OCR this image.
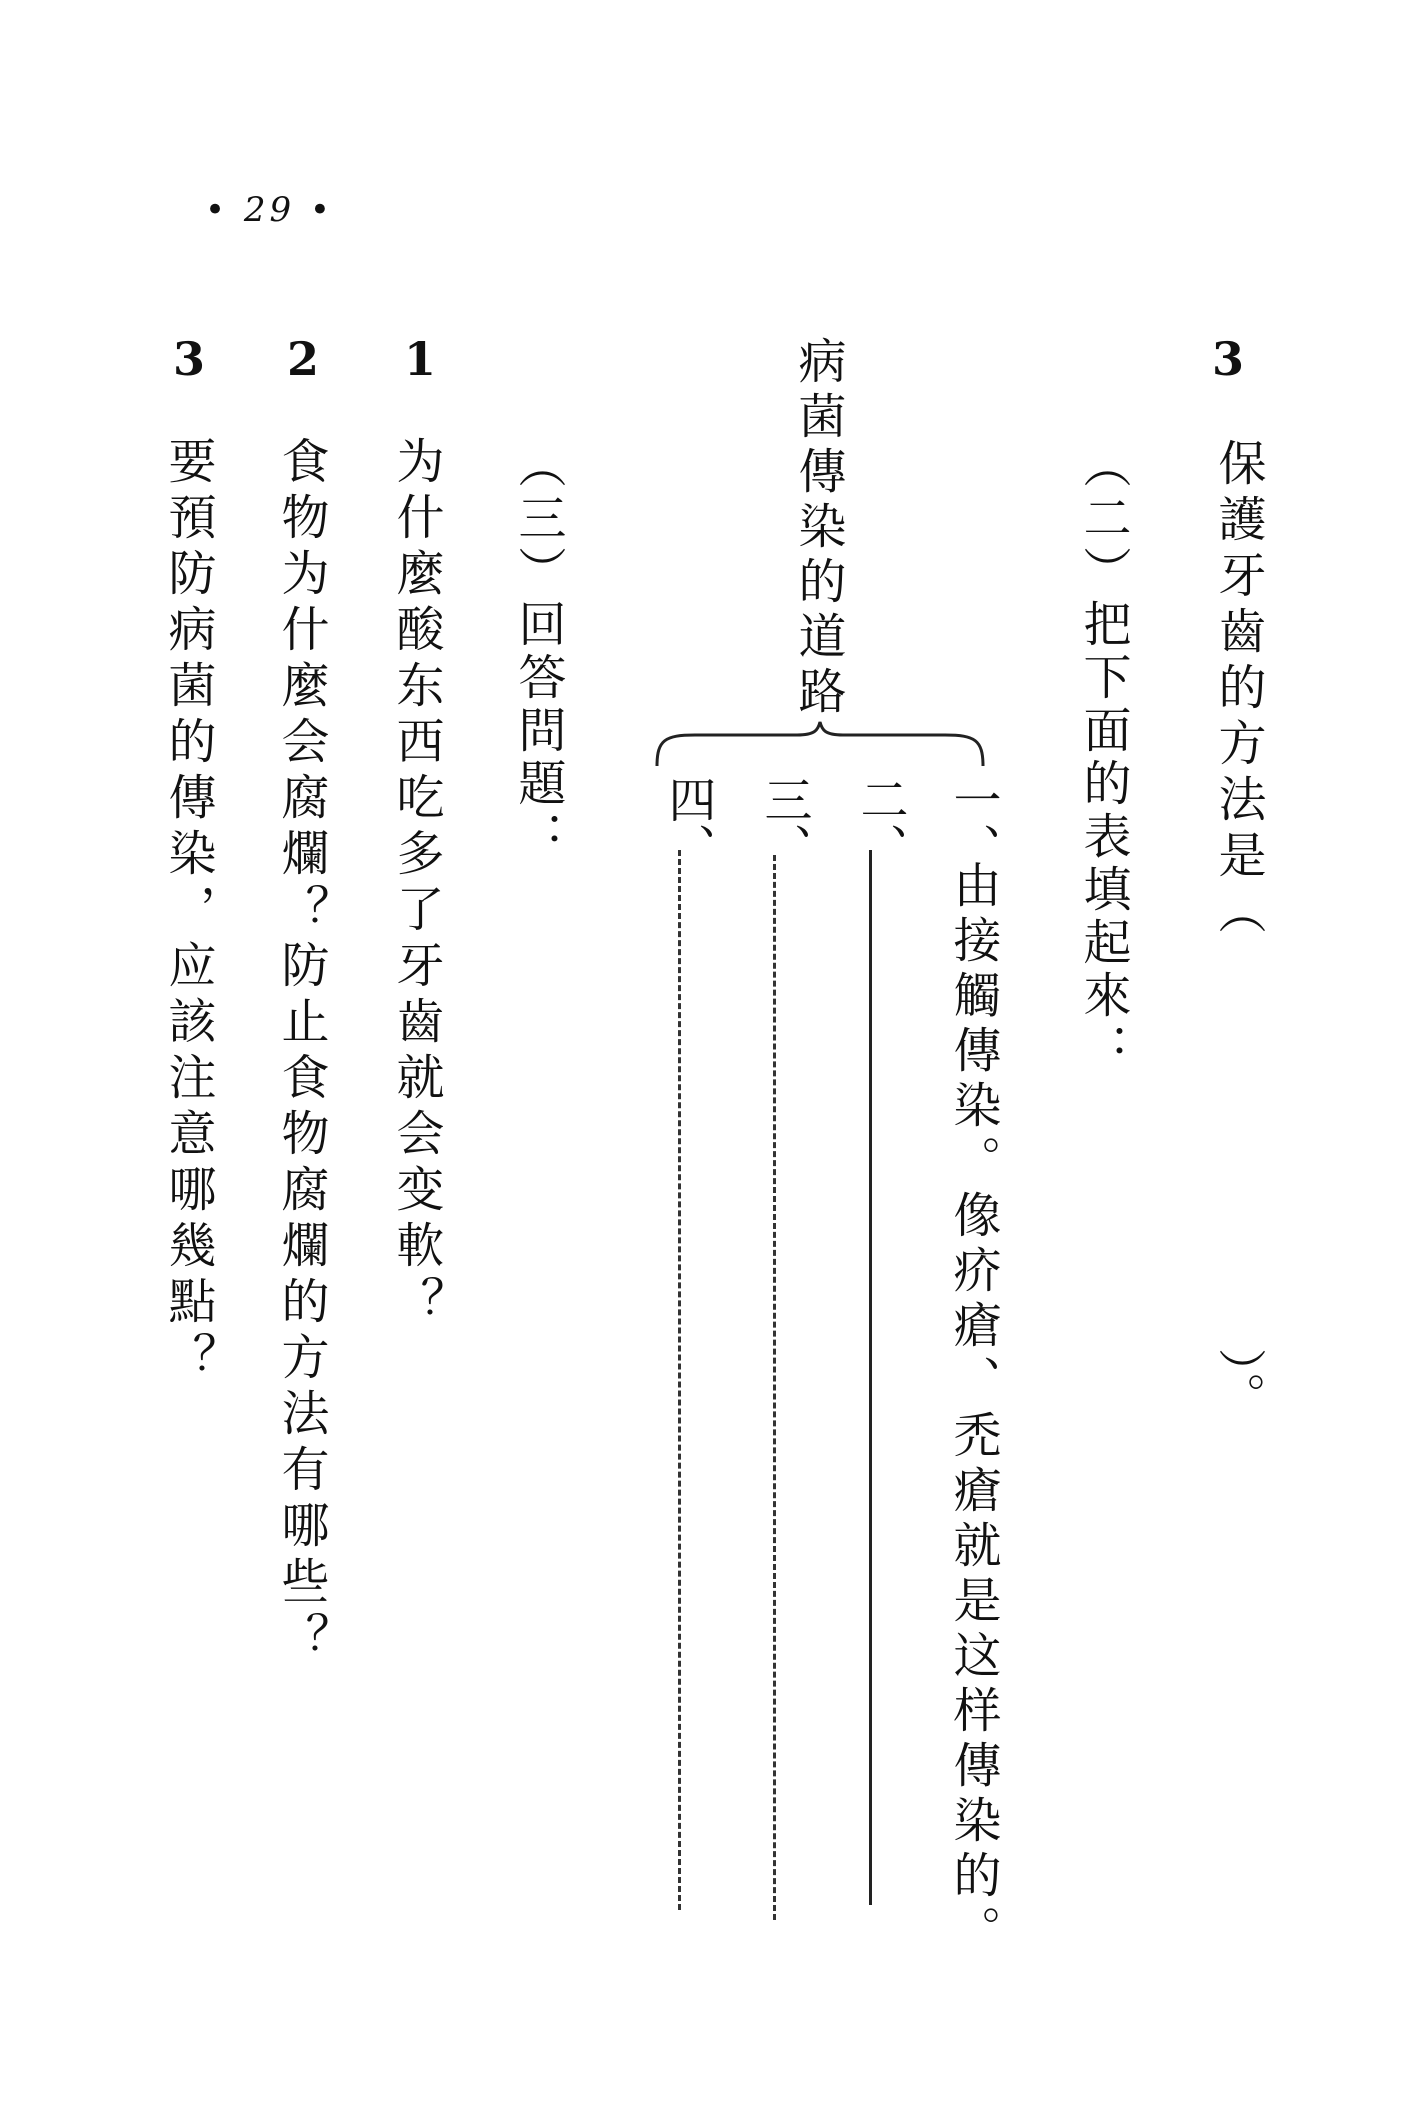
• 29 •
3
保護牙齒的方法是（
）。
（二）把下面的表填起來：
病菌傳染的道路
一、
由接觸傳染。像疥瘡、禿瘡就是这样傳染的。
二、
三、
四、
（三）回答問題：
1
为什麼酸东西吃多了牙齒就会变軟？
2
食物为什麼会腐爛？防止食物腐爛的方法有哪些？
3
要預防病菌的傳染，应該注意哪幾點？
